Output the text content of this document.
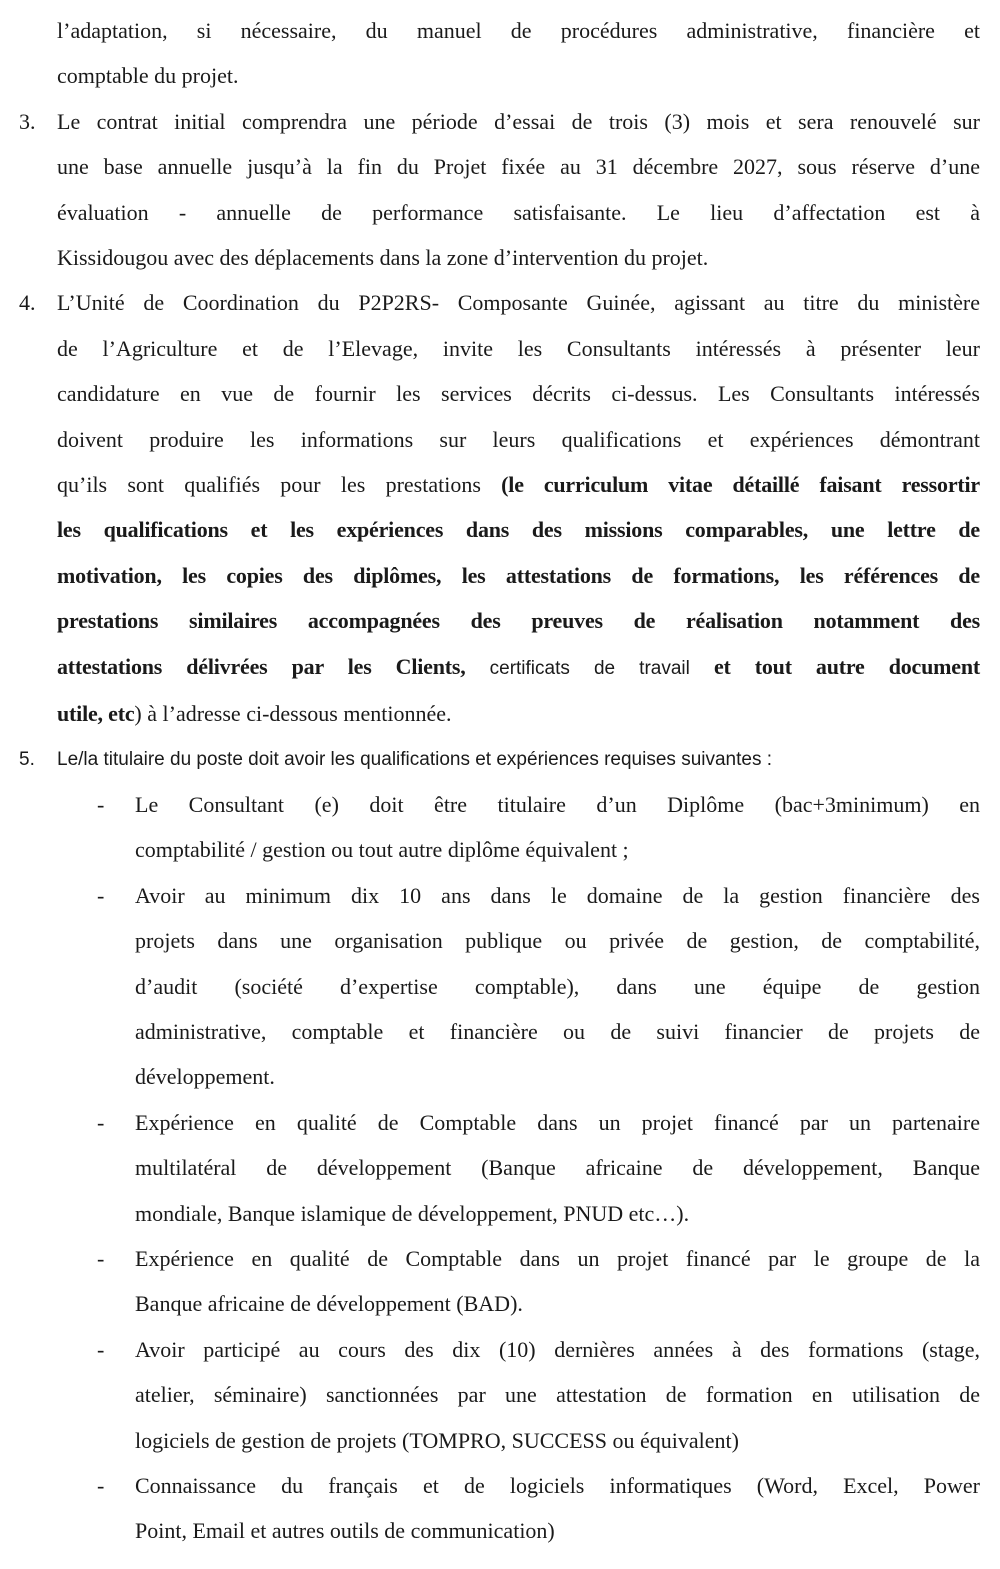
l’adaptation, si nécessaire, du manuel de procédures administrative, financière et
comptable du projet.
3. Le contrat initial comprendra une période d’essai de trois (3) mois et sera renouvelé sur
une base annuelle jusqu’à la fin du Projet fixée au 31 décembre 2027, sous réserve d’une
évaluation - annuelle de performance satisfaisante. Le lieu d’affectation est à
Kissidougou avec des déplacements dans la zone d’intervention du projet.
4. L’Unité de Coordination du P2P2RS- Composante Guinée, agissant au titre du ministère
de l’Agriculture et de l’Elevage, invite les Consultants intéressés à présenter leur
candidature en vue de fournir les services décrits ci-dessus. Les Consultants intéressés
doivent produire les informations sur leurs qualifications et expériences démontrant
qu’ils sont qualifiés pour les prestations (le curriculum vitae détaillé faisant ressortir
les qualifications et les expériences dans des missions comparables, une lettre de
motivation, les copies des diplômes, les attestations de formations, les références de
prestations similaires accompagnées des preuves de réalisation notamment des
attestations délivrées par les Clients, certificats de travail et tout autre document
utile, etc) à l’adresse ci-dessous mentionnée.
5. Le/la titulaire du poste doit avoir les qualifications et expériences requises suivantes :
- Le Consultant (e) doit être titulaire d’un Diplôme (bac+3minimum) en
comptabilité / gestion ou tout autre diplôme équivalent ;
- Avoir au minimum dix 10 ans dans le domaine de la gestion financière des
projets dans une organisation publique ou privée de gestion, de comptabilité,
d’audit (société d’expertise comptable), dans une équipe de gestion
administrative, comptable et financière ou de suivi financier de projets de
développement.
- Expérience en qualité de Comptable dans un projet financé par un partenaire
multilatéral de développement (Banque africaine de développement, Banque
mondiale, Banque islamique de développement, PNUD etc…).
- Expérience en qualité de Comptable dans un projet financé par le groupe de la
Banque africaine de développement (BAD).
- Avoir participé au cours des dix (10) dernières années à des formations (stage,
atelier, séminaire) sanctionnées par une attestation de formation en utilisation de
logiciels de gestion de projets (TOMPRO, SUCCESS ou équivalent)
- Connaissance du français et de logiciels informatiques (Word, Excel, Power
Point, Email et autres outils de communication)
